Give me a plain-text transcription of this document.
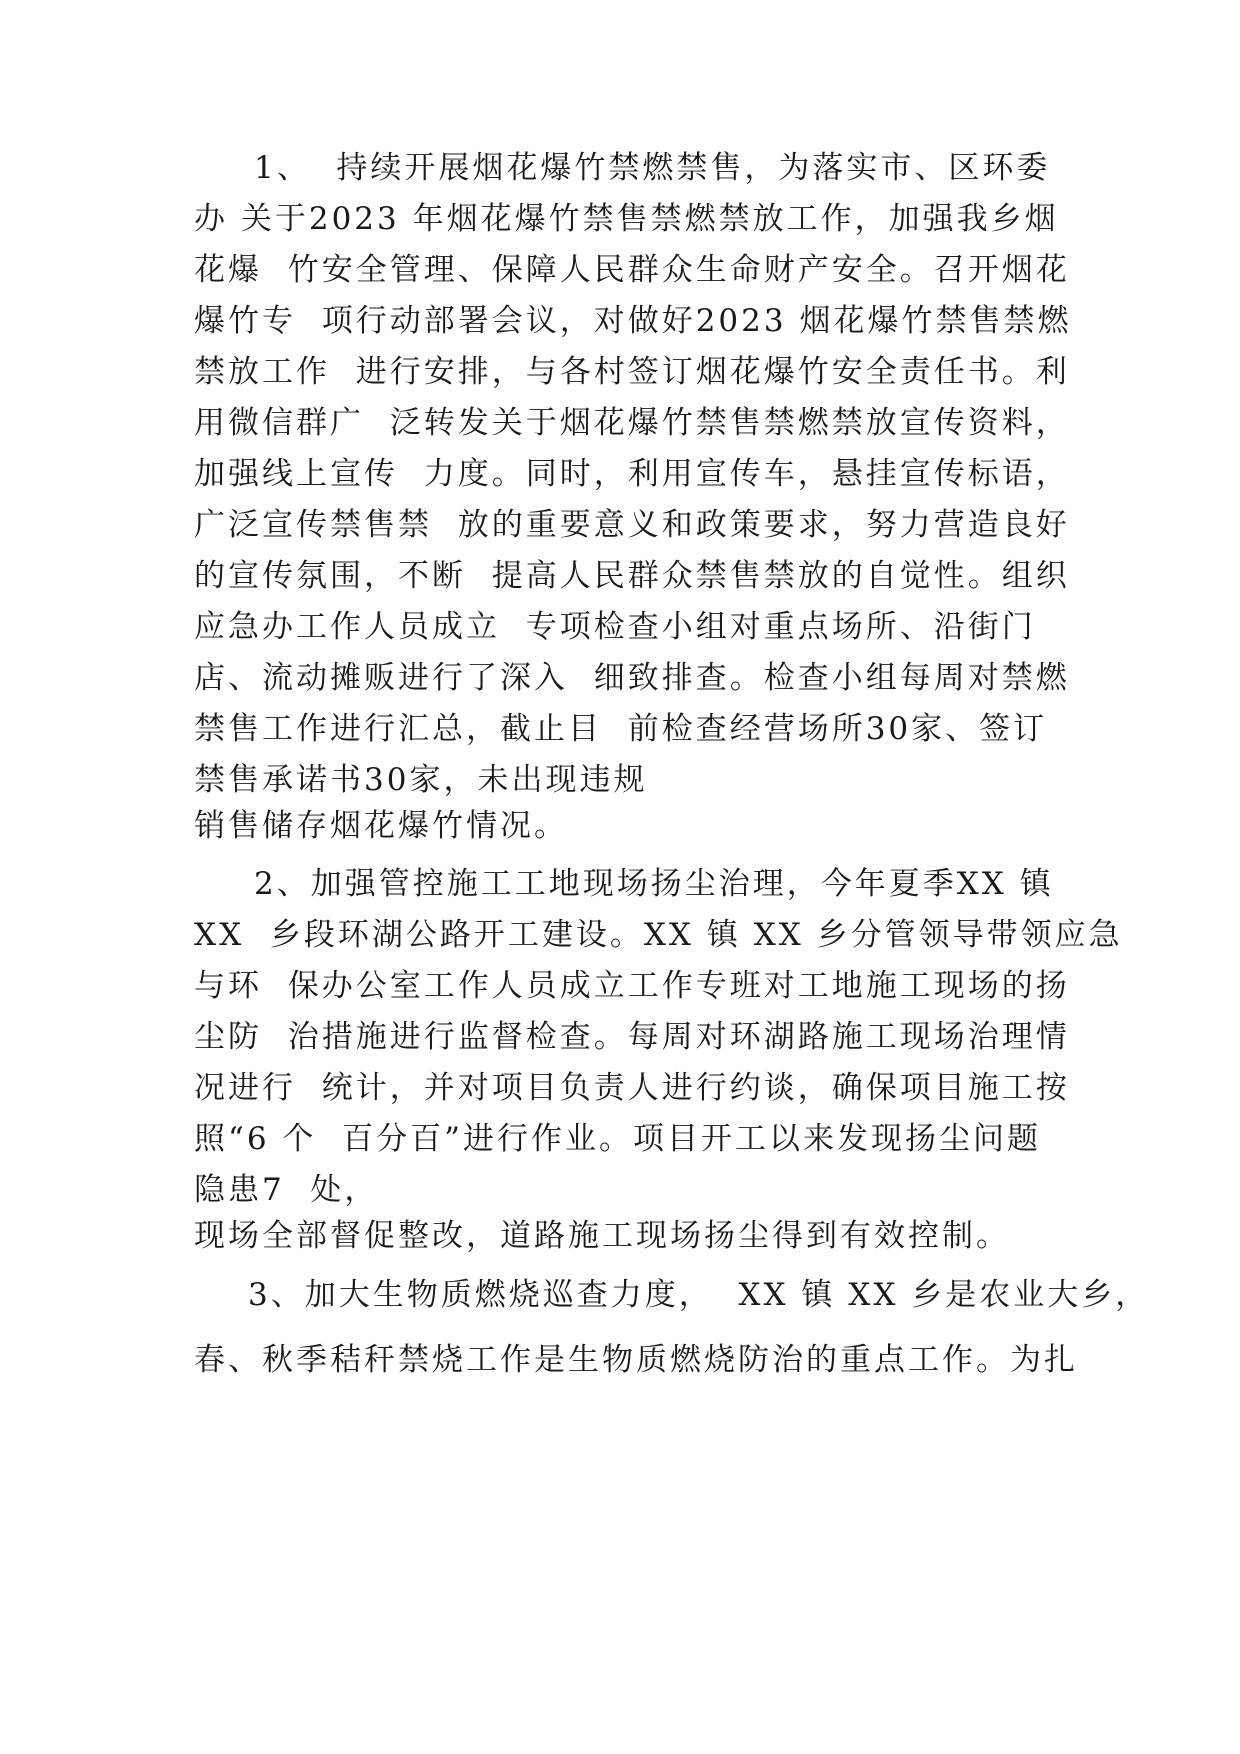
1、  持续开展烟花爆竹禁燃禁售，为落实市、区环委
办 关于2023 年烟花爆竹禁售禁燃禁放工作，加强我乡烟
花爆  竹安全管理、保障人民群众生命财产安全。召开烟花
爆竹专  项行动部署会议，对做好2023 烟花爆竹禁售禁燃
禁放工作  进行安排，与各村签订烟花爆竹安全责任书。利
用微信群广  泛转发关于烟花爆竹禁售禁燃禁放宣传资料，
加强线上宣传  力度。同时，利用宣传车，悬挂宣传标语，
广泛宣传禁售禁  放的重要意义和政策要求，努力营造良好
的宣传氛围，不断  提高人民群众禁售禁放的自觉性。组织
应急办工作人员成立  专项检查小组对重点场所、沿街门
店、流动摊贩进行了深入  细致排查。检查小组每周对禁燃
禁售工作进行汇总，截止目  前检查经营场所30家、签订
禁售承诺书30家，未出现违规
销售储存烟花爆竹情况。
2、加强管控施工工地现场扬尘治理，今年夏季XX 镇
XX  乡段环湖公路开工建设。XX 镇 XX 乡分管领导带领应急
与环  保办公室工作人员成立工作专班对工地施工现场的扬
尘防  治措施进行监督检查。每周对环湖路施工现场治理情
况进行  统计，并对项目负责人进行约谈，确保项目施工按
照“6 个  百分百”进行作业。项目开工以来发现扬尘问题
隐患7  处，
现场全部督促整改，道路施工现场扬尘得到有效控制。
3、加大生物质燃烧巡查力度，  XX 镇 XX 乡是农业大乡，
春、秋季秸秆禁烧工作是生物质燃烧防治的重点工作。为扎
